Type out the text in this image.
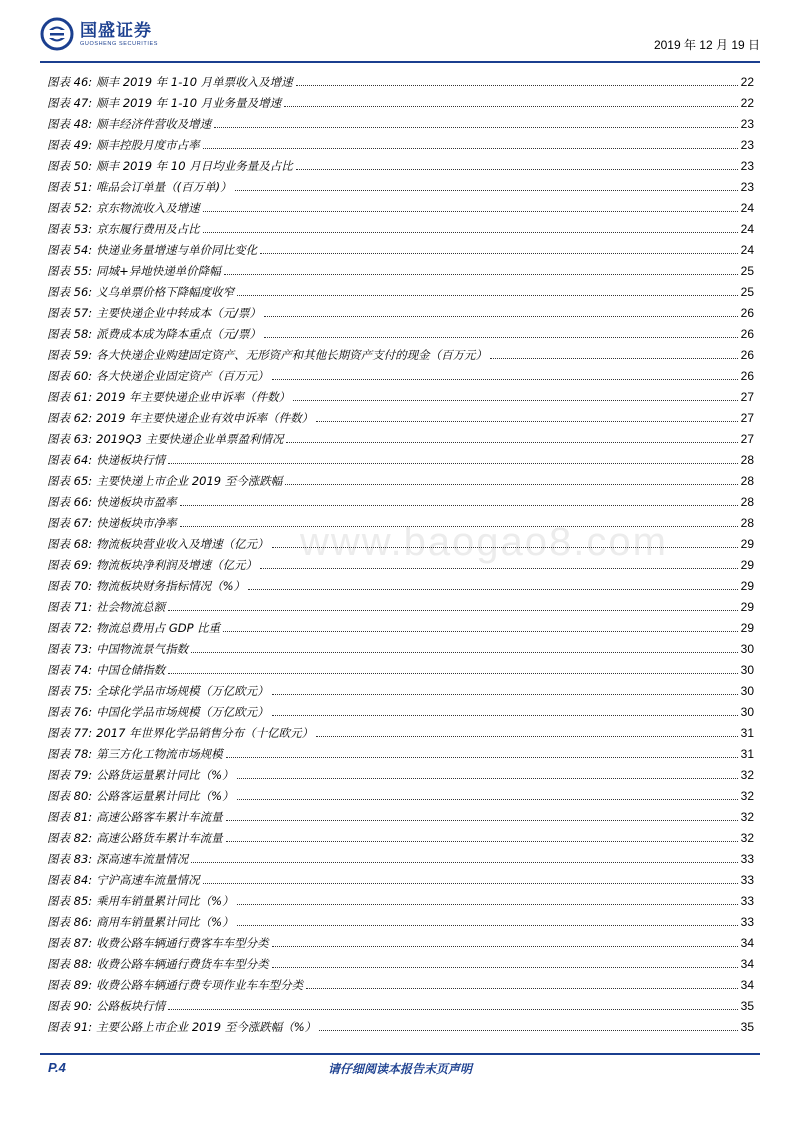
国盛证券
GUOSHENG SECURITIES	2019 年 12 月 19 日
www.baogao8.com
图表 46: 顺丰 2019 年 1-10 月单票收入及增速	22
图表 47: 顺丰 2019 年 1-10 月业务量及增速	22
图表 48: 顺丰经济件营收及增速	23
图表 49: 顺丰控股月度市占率	23
图表 50: 顺丰 2019 年 10 月日均业务量及占比	23
图表 51: 唯品会订单量（(百万单)）	23
图表 52: 京东物流收入及增速	24
图表 53: 京东履行费用及占比	24
图表 54: 快递业务量增速与单价同比变化	24
图表 55: 同城+异地快递单价降幅	25
图表 56: 义乌单票价格下降幅度收窄	25
图表 57: 主要快递企业中转成本（元/票）	26
图表 58: 派费成本成为降本重点（元/票）	26
图表 59: 各大快递企业购建固定资产、无形资产和其他长期资产支付的现金（百万元）	26
图表 60: 各大快递企业固定资产（百万元）	26
图表 61: 2019 年主要快递企业申诉率（件数）	27
图表 62: 2019 年主要快递企业有效申诉率（件数）	27
图表 63: 2019Q3 主要快递企业单票盈利情况	27
图表 64: 快递板块行情	28
图表 65: 主要快递上市企业 2019 至今涨跌幅	28
图表 66: 快递板块市盈率	28
图表 67: 快递板块市净率	28
图表 68: 物流板块营业收入及增速（亿元）	29
图表 69: 物流板块净利润及增速（亿元）	29
图表 70: 物流板块财务指标情况（%）	29
图表 71: 社会物流总额	29
图表 72: 物流总费用占 GDP 比重	29
图表 73: 中国物流景气指数	30
图表 74: 中国仓储指数	30
图表 75: 全球化学品市场规模（万亿欧元）	30
图表 76: 中国化学品市场规模（万亿欧元）	30
图表 77: 2017 年世界化学品销售分布（十亿欧元）	31
图表 78: 第三方化工物流市场规模	31
图表 79: 公路货运量累计同比（%）	32
图表 80: 公路客运量累计同比（%）	32
图表 81: 高速公路客车累计车流量	32
图表 82: 高速公路货车累计车流量	32
图表 83: 深高速车流量情况	33
图表 84: 宁沪高速车流量情况	33
图表 85: 乘用车销量累计同比（%）	33
图表 86: 商用车销量累计同比（%）	33
图表 87: 收费公路车辆通行费客车车型分类	34
图表 88: 收费公路车辆通行费货车车型分类	34
图表 89: 收费公路车辆通行费专项作业车车型分类	34
图表 90: 公路板块行情	35
图表 91: 主要公路上市企业 2019 至今涨跌幅（%）	35
P.4	请仔细阅读本报告末页声明
